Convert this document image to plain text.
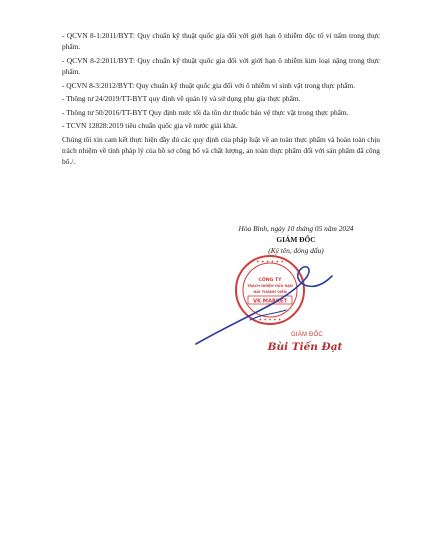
- QCVN 8-1:2011/BYT: Quy chuẩn kỹ thuật quốc gia đối với giới hạn ô nhiễm độc tố vi nấm trong thực phẩm.

- QCVN 8-2:2011/BYT: Quy chuẩn kỹ thuật quốc gia đối với giới hạn ô nhiễm kim loại nặng trong thực phẩm.

- QCVN 8-3:2012/BYT: Quy chuẩn kỹ thuật quốc gia đối với ô nhiễm vi sinh vật trong thực phẩm.

- Thông tư 24/2019/TT-BYT quy định về quản lý và sử dụng phụ gia thực phẩm.

- Thông tư 50/2016/TT-BYT Quy định mức tối đa tồn dư thuốc bảo vệ thực vật trong thực phẩm.

- TCVN 12828:2019 tiêu chuẩn quốc gia về nước giải khát.

Chúng tôi xin cam kết thực hiện đầy đủ các quy định của pháp luật về an toàn thực phẩm và hoàn toàn chịu trách nhiệm về tính pháp lý của hồ sơ công bố và chất lượng, an toàn thực phẩm đối với sản phẩm đã công bố./.

Hòa Bình, ngày 10 tháng 05 năm 2024
GIÁM ĐỐC
(Ký tên, đóng dấu)
✦ ✦ ✦ ✦ ✦ ✦
✦ ✦ ✦ ✦ ✦
CÔNG TY
TRÁCH NHIỆM HỮU HẠN
HAI THÀNH VIÊN
VK MARKET
GIÁM ĐỐC
Bùi Tiến Đạt
